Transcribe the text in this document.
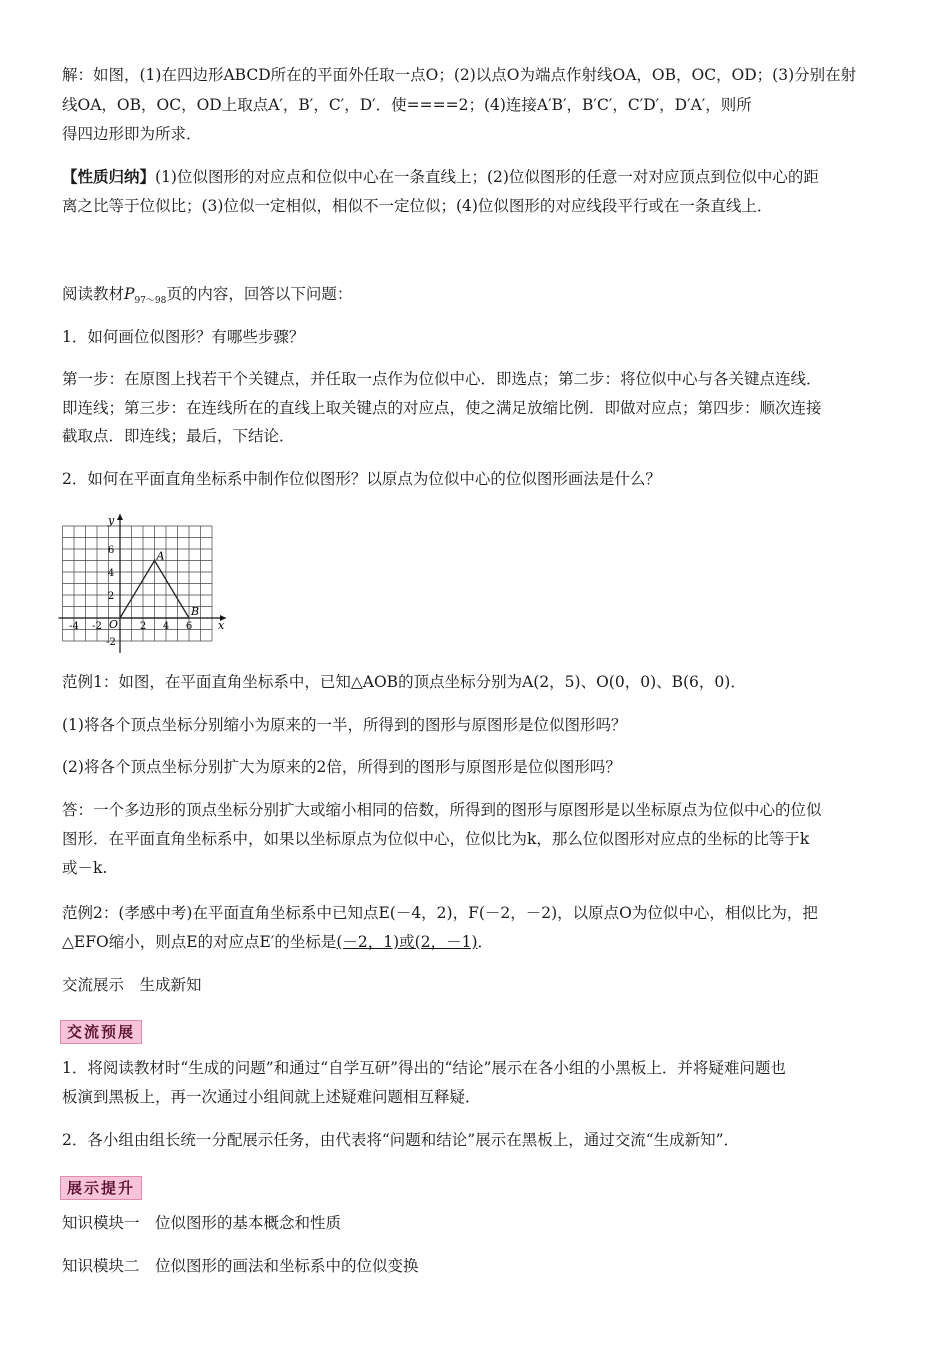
解：如图，(1)在四边形ABCD所在的平面外任取一点O；(2)以点O为端点作射线OA，OB，OC，OD；(3)分别在射
线OA，OB，OC，OD上取点A′，B′，C′，D′．使====2；(4)连接A′B′，B′C′，C′D′，D′A′，则所
得四边形即为所求．
【性质归纳】(1)位似图形的对应点和位似中心在一条直线上；(2)位似图形的任意一对对应顶点到位似中心的距
离之比等于位似比；(3)位似一定相似，相似不一定位似；(4)位似图形的对应线段平行或在一条直线上．
阅读教材$P_{97\sim 98}$页的内容，回答以下问题：
1．如何画位似图形？有哪些步骤？
第一步：在原图上找若干个关键点，并任取一点作为位似中心．即选点；第二步：将位似中心与各关键点连线．
即连线；第三步：在连线所在的直线上取关键点的对应点，使之满足放缩比例．即做对应点；第四步：顺次连接
截取点．即连线；最后，下结论．
2．如何在平面直角坐标系中制作位似图形？以原点为位似中心的位似图形画法是什么？
y
x
O
A
B
6
4
2
-2
-4 -2	2 4 6
范例1：如图，在平面直角坐标系中，已知△AOB的顶点坐标分别为A(2，5)、O(0，0)、B(6，0)．
(1)将各个顶点坐标分别缩小为原来的一半，所得到的图形与原图形是位似图形吗？
(2)将各个顶点坐标分别扩大为原来的2倍，所得到的图形与原图形是位似图形吗？
答：一个多边形的顶点坐标分别扩大或缩小相同的倍数，所得到的图形与原图形是以坐标原点为位似中心的位似
图形．在平面直角坐标系中，如果以坐标原点为位似中心，位似比为k，那么位似图形对应点的坐标的比等于k
或－k.
范例2：(孝感中考)在平面直角坐标系中已知点E(－4，2)，F(－2，－2)，以原点O为位似中心，相似比为，把
△EFO缩小，则点E的对应点E′的坐标是(－2，1)或(2，－1)．
交流展示　生成新知
交流预展
1．将阅读教材时“生成的问题”和通过“自学互研”得出的“结论”展示在各小组的小黑板上．并将疑难问题也
板演到黑板上，再一次通过小组间就上述疑难问题相互释疑．
2．各小组由组长统一分配展示任务，由代表将“问题和结论”展示在黑板上，通过交流“生成新知”．
展示提升
知识模块一　位似图形的基本概念和性质
知识模块二　位似图形的画法和坐标系中的位似变换
